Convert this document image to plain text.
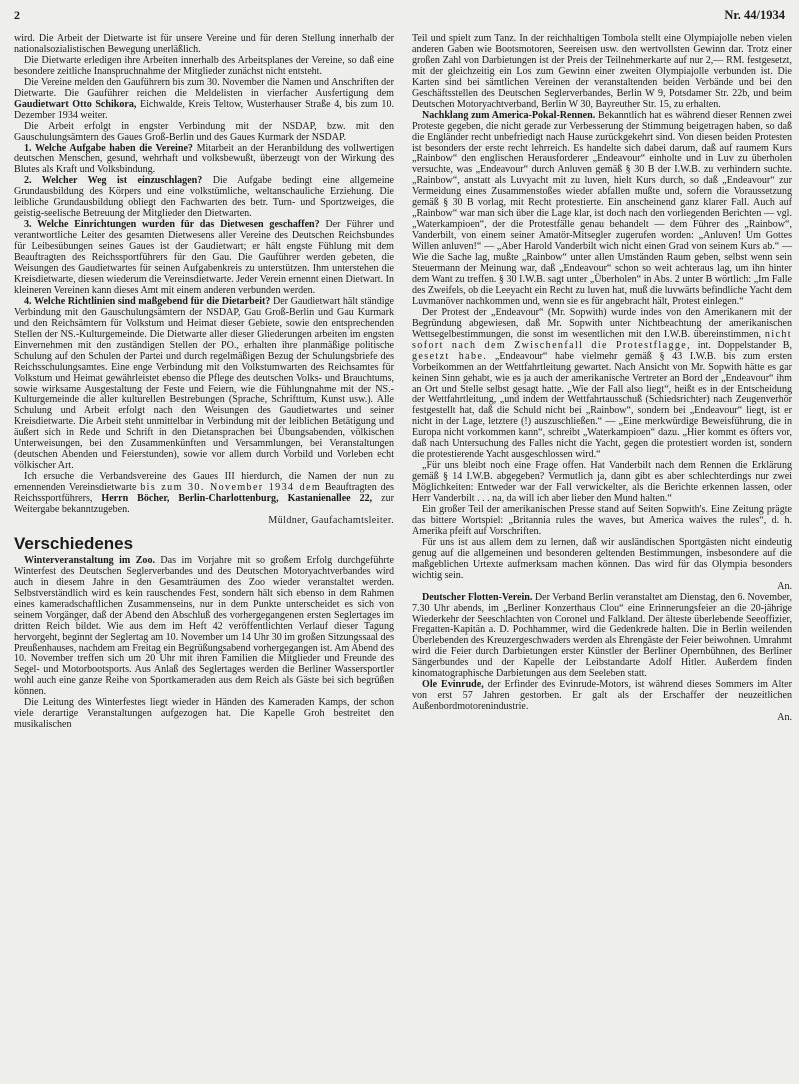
2	Nr. 44/1934

wird. Die Arbeit der Dietwarte ist für unsere Vereine und für deren Stellung innerhalb der nationalsozialistischen Bewegung unerläßlich.

Die Dietwarte erledigen ihre Arbeiten innerhalb des Arbeitsplanes der Vereine, so daß eine besondere zeitliche Inanspruchnahme der Mitglieder zunächst nicht entsteht.

Die Vereine melden den Gauführern bis zum 30. November die Namen und Anschriften der Dietwarte. Die Gauführer reichen die Meldelisten in vierfacher Ausfertigung dem Gaudietwart Otto Schikora, Eichwalde, Kreis Teltow, Wusterhauser Straße 4, bis zum 10. Dezember 1934 weiter.

Die Arbeit erfolgt in engster Verbindung mit der NSDAP, bzw. mit den Gauschulungsämtern des Gaues Groß-Berlin und des Gaues Kurmark der NSDAP.

1. Welche Aufgabe haben die Vereine? Mitarbeit an der Heranbildung des vollwertigen deutschen Menschen, gesund, wehrhaft und volksbewußt, überzeugt von der Wirkung des Blutes als Kraft und Volksbindung.

2. Welcher Weg ist einzuschlagen? Die Aufgabe bedingt eine allgemeine Grundausbildung des Körpers und eine volkstümliche, weltanschauliche Erziehung. Die leibliche Grundausbildung obliegt den Fachwarten des betr. Turn- und Sportzweiges, die geistig-seelische Betreuung der Mitglieder den Dietwarten.

3. Welche Einrichtungen wurden für das Dietwesen geschaffen? Der Führer und verantwortliche Leiter des gesamten Dietwesens aller Vereine des Deutschen Reichsbundes für Leibesübungen seines Gaues ist der Gaudietwart; er hält engste Fühlung mit dem Beauftragten des Reichssportführers für den Gau. Die Gauführer werden gebeten, die Weisungen des Gaudietwartes für seinen Aufgabenkreis zu unterstützen. Ihm unterstehen die Kreisdietwarte, diesen wiederum die Vereinsdietwarte. Jeder Verein ernennt einen Dietwart. In kleineren Vereinen kann dieses Amt mit einem anderen verbunden werden.

4. Welche Richtlinien sind maßgebend für die Dietarbeit? Der Gaudietwart hält ständige Verbindung mit den Gauschulungsämtern der NSDAP, Gau Groß-Berlin und Gau Kurmark und den Reichsämtern für Volkstum und Heimat dieser Gebiete, sowie den entsprechenden Stellen der NS.-Kulturgemeinde. Die Dietwarte aller dieser Gliederungen arbeiten im engsten Einvernehmen mit den zuständigen Stellen der PO., erhalten ihre planmäßige politische Schulung auf den Schulen der Partei und durch regelmäßigen Bezug der Schulungsbriefe des Reichsschulungsamtes. Eine enge Verbindung mit den Volkstumwarten des Reichsamtes für Volkstum und Heimat gewährleistet ebenso die Pflege des deutschen Volks- und Brauchtums, sowie wirksame Ausgestaltung der Feste und Feiern, wie die Fühlungnahme mit der NS.-Kulturgemeinde die aller kulturellen Bestrebungen (Sprache, Schrifttum, Kunst usw.). Alle Schulung und Arbeit erfolgt nach den Weisungen des Gaudietwartes und seiner Kreisdietwarte. Die Arbeit steht unmittelbar in Verbindung mit der leiblichen Betätigung und äußert sich in Rede und Schrift in den Dietansprachen bei Übungsabenden, völkischen Unterweisungen, bei den Zusammenkünften und Versammlungen, bei Veranstaltungen (deutschen Abenden und Feierstunden), sowie vor allem durch Vorbild und Vorleben echt völkischer Art.

Ich ersuche die Verbandsvereine des Gaues III hierdurch, die Namen der nun zu ernennenden Vereinsdietwarte bis zum 30. November 1934 dem Beauftragten des Reichssportführers, Herrn Böcher, Berlin-Charlottenburg, Kastanienallee 22, zur Weitergabe bekanntzugeben.

Müldner, Gaufachamtsleiter.

Verschiedenes

Winterveranstaltung im Zoo. Das im Vorjahre mit so großem Erfolg durchgeführte Winterfest des Deutschen Seglerverbandes und des Deutschen Motoryachtverbandes wird auch in diesem Jahre in den Gesamträumen des Zoo wieder veranstaltet werden. Selbstverständlich wird es kein rauschendes Fest, sondern hält sich ebenso in dem Rahmen eines kameradschaftlichen Zusammenseins, nur in dem Punkte unterscheidet es sich von seinem Vorgänger, daß der Abend den Abschluß des vorhergegangenen ersten Seglertages im dritten Reich bildet. Wie aus dem im Heft 42 veröffentlichten Verlauf dieser Tagung hervorgeht, beginnt der Seglertag am 10. November um 14 Uhr 30 im großen Sitzungssaal des Preußenhauses, nachdem am Freitag ein Begrüßungsabend vorhergegangen ist. Am Abend des 10. November treffen sich um 20 Uhr mit ihren Familien die Mitglieder und Freunde des Segel- und Motorbootsports. Aus Anlaß des Seglertages werden die Berliner Wassersportler wohl auch eine ganze Reihe von Sportkameraden aus dem Reich als Gäste bei sich begrüßen können.

Die Leitung des Winterfestes liegt wieder in Händen des Kameraden Kamps, der schon viele derartige Veranstaltungen aufgezogen hat. Die Kapelle Groh bestreitet den musikalischen

Teil und spielt zum Tanz. In der reichhaltigen Tombola stellt eine Olympiajolle neben vielen anderen Gaben wie Bootsmotoren, Seereisen usw. den wertvollsten Gewinn dar. Trotz einer großen Zahl von Darbietungen ist der Preis der Teilnehmerkarte auf nur 2,— RM. festgesetzt, mit der gleichzeitig ein Los zum Gewinn einer zweiten Olympiajolle verbunden ist. Die Karten sind bei sämtlichen Vereinen der veranstaltenden beiden Verbände und bei den Geschäftsstellen des Deutschen Seglerverbandes, Berlin W 9, Potsdamer Str. 22b, und beim Deutschen Motoryachtverband, Berlin W 30, Bayreuther Str. 15, zu erhalten.

Nachklang zum America-Pokal-Rennen. Bekanntlich hat es während dieser Rennen zwei Proteste gegeben, die nicht gerade zur Verbesserung der Stimmung beigetragen haben, so daß die Engländer recht unbefriedigt nach Hause zurückgekehrt sind. Von diesen beiden Protesten ist besonders der erste recht lehrreich. Es handelte sich dabei darum, daß auf raumem Kurs „Rainbow“ den englischen Herausforderer „Endeavour“ einholte und in Luv zu überholen versuchte, was „Endeavour“ durch Anluven gemäß § 30 B der I.W.B. zu verhindern suchte. „Rainbow“, anstatt als Luvyacht mit zu luven, hielt Kurs durch, so daß „Endeavour“ zur Vermeidung eines Zusammenstoßes wieder abfallen mußte und, sofern die Voraussetzung gemäß § 30 B vorlag, mit Recht protestierte. Ein anscheinend ganz klarer Fall. Auch auf „Rainbow“ war man sich über die Lage klar, ist doch nach den vorliegenden Berichten — vgl. „Waterkampioen“, der die Protestfälle genau behandelt — dem Führer des „Rainbow“, Vanderbilt, von einem seiner Amatör-Mitsegler zugerufen worden: „Anluven! Um Gottes Willen anluven!“ — „Aber Harold Vanderbilt wich nicht einen Grad von seinem Kurs ab.“ — Wie die Sache lag, mußte „Rainbow“ unter allen Umständen Raum geben, selbst wenn sein Steuermann der Meinung war, daß „Endeavour“ schon so weit achteraus lag, um ihn hinter dem Want zu treffen. § 30 I.W.B. sagt unter „Überholen“ in Abs. 2 unter B wörtlich: „Im Falle des Zweifels, ob die Leeyacht ein Recht zu luven hat, muß die luvwärts befindliche Yacht dem Luvmanöver nachkommen und, wenn sie es für angebracht hält, Protest einlegen.“

Der Protest der „Endeavour“ (Mr. Sopwith) wurde indes von den Amerikanern mit der Begründung abgewiesen, daß Mr. Sopwith unter Nichtbeachtung der amerikanischen Wettsegelbestimmungen, die sonst im wesentlichen mit den I.W.B. übereinstimmen, nicht sofort nach dem Zwischenfall die Protestflagge, int. Doppelstander B, gesetzt habe. „Endeavour“ habe vielmehr gemäß § 43 I.W.B. bis zum ersten Vorbeikommen an der Wettfahrtleitung gewartet. Nach Ansicht von Mr. Sopwith hätte es gar keinen Sinn gehabt, wie es ja auch der amerikanische Vertreter an Bord der „Endeavour“ ihm an Ort und Stelle selbst gesagt hatte. „Wie der Fall also liegt“, heißt es in der Entscheidung der Wettfahrtleitung, „und indem der Wettfahrtausschuß (Schiedsrichter) nach Zeugenverhör festgestellt hat, daß die Schuld nicht bei „Rainbow“, sondern bei „Endeavour“ liegt, ist er nicht in der Lage, letztere (!) auszuschließen.“ — „Eine merkwürdige Beweisführung, die in Europa nicht vorkommen kann“, schreibt „Waterkampioen“ dazu. „Hier kommt es öfters vor, daß nach Untersuchung des Falles nicht die Yacht, gegen die protestiert worden ist, sondern die protestierende Yacht ausgeschlossen wird.“

„Für uns bleibt noch eine Frage offen. Hat Vanderbilt nach dem Rennen die Erklärung gemäß § 14 I.W.B. abgegeben? Vermutlich ja, dann gibt es aber schlechterdings nur zwei Möglichkeiten: Entweder war der Fall verwickelter, als die Berichte erkennen lassen, oder Herr Vanderbilt . . . na, da will ich aber lieber den Mund halten.“

Ein großer Teil der amerikanischen Presse stand auf Seiten Sopwith's. Eine Zeitung prägte das bittere Wortspiel: „Britannia rules the waves, but America waives the rules“, d. h. Amerika pfeift auf Vorschriften.

Für uns ist aus allem dem zu lernen, daß wir ausländischen Sportgästen nicht eindeutig genug auf die allgemeinen und besonderen geltenden Bestimmungen, insbesondere auf die maßgeblichen Urtexte aufmerksam machen können. Das wird für das Olympia besonders wichtig sein.

An.

Deutscher Flotten-Verein. Der Verband Berlin veranstaltet am Dienstag, den 6. November, 7.30 Uhr abends, im „Berliner Konzerthaus Clou“ eine Erinnerungsfeier an die 20-jährige Wiederkehr der Seeschlachten von Coronel und Falkland. Der älteste überlebende Seeoffizier, Fregatten-Kapitän a. D. Pochhammer, wird die Gedenkrede halten. Die in Berlin weilenden Überlebenden des Kreuzergeschwaders werden als Ehrengäste der Feier beiwohnen. Umrahmt wird die Feier durch Darbietungen erster Künstler der Berliner Opernbühnen, des Berliner Sängerbundes und der Kapelle der Leibstandarte Adolf Hitler. Außerdem finden kinomatographische Darbietungen aus dem Seeleben statt.

Ole Evinrude, der Erfinder des Evinrude-Motors, ist während dieses Sommers im Alter von erst 57 Jahren gestorben. Er galt als der Erschaffer der neuzeitlichen Außenbordmotorenindustrie.

An.
